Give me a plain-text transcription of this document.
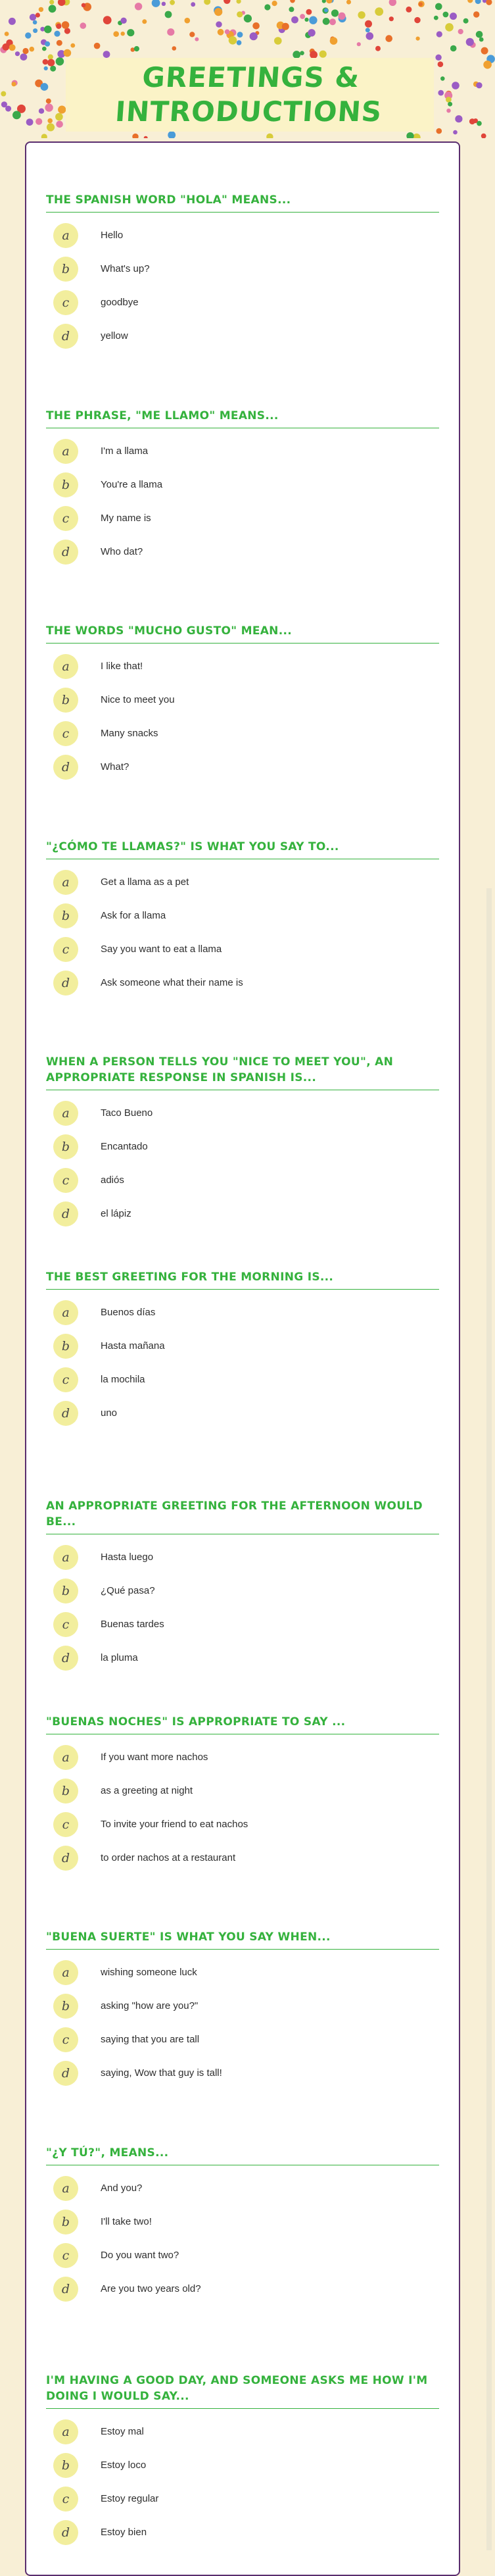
GREETINGS & INTRODUCTIONS
THE SPANISH WORD "HOLA" MEANS...
a	Hello
b	What's up?
c	goodbye
d	yellow
THE PHRASE, "ME LLAMO" MEANS...
a	I'm a llama
b	You're a llama
c	My name is
d	Who dat?
THE WORDS "MUCHO GUSTO" MEAN...
a	I like that!
b	Nice to meet you
c	Many snacks
d	What?
"¿CÓMO TE LLAMAS?" IS WHAT YOU SAY TO...
a	Get a llama as a pet
b	Ask for a llama
c	Say you want to eat a llama
d	Ask someone what their name is
WHEN A PERSON TELLS YOU "NICE TO MEET YOU", AN APPROPRIATE RESPONSE IN SPANISH IS...
a	Taco Bueno
b	Encantado
c	adiós
d	el lápiz
THE BEST GREETING FOR THE MORNING IS...
a	Buenos días
b	Hasta mañana
c	la mochila
d	uno
AN APPROPRIATE GREETING FOR THE AFTERNOON WOULD BE...
a	Hasta luego
b	¿Qué pasa?
c	Buenas tardes
d	la pluma
"BUENAS NOCHES" IS APPROPRIATE TO SAY ...
a	If you want more nachos
b	as a greeting at night
c	To invite your friend to eat nachos
d	to order nachos at a restaurant
"BUENA SUERTE" IS WHAT YOU SAY WHEN...
a	wishing someone luck
b	asking "how are you?"
c	saying that you are tall
d	saying, Wow that guy is tall!
"¿Y TÚ?", MEANS...
a	And you?
b	I'll take two!
c	Do you want two?
d	Are you two years old?
I'M HAVING A GOOD DAY, AND SOMEONE ASKS ME HOW I'M DOING I WOULD SAY...
a	Estoy mal
b	Estoy loco
c	Estoy regular
d	Estoy bien
